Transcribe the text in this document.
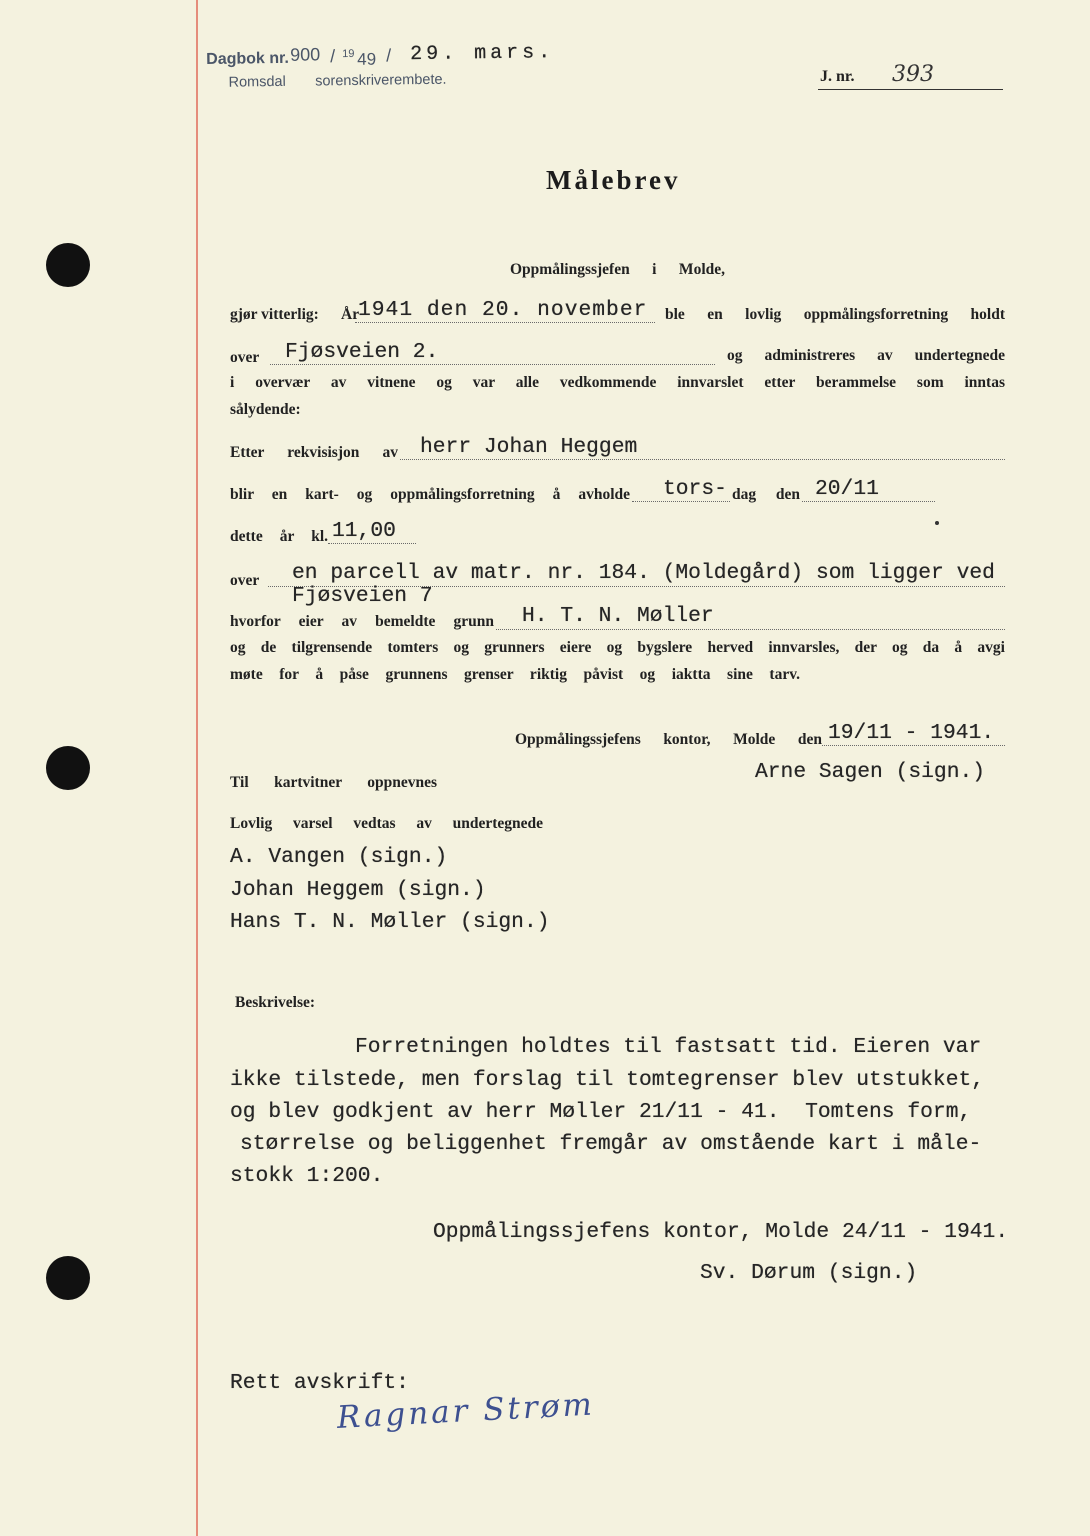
Dagbok nr. 900 / 19 49 / 29. mars.
Romsdal sorenskriverembete.	J. nr. 393
Målebrev
Oppmålingssjefen i Molde,
gjør vitterlig: År
1941 den 20. november ble en lovlig oppmålingsforretning holdt
over Fjøsveien 2.	og administreres av undertegnede
i overvær av vitnene og var alle vedkommende innvarslet etter berammelse som inntas
sålydende:
Etter rekvisisjon av herr Johan Heggem
blir en kart- og oppmålingsforretning å avholde tors- dag den 20/11
dette år kl. 11,00
over en parcell av matr. nr. 184. (Moldegård) som ligger ved
Fjøsveien 7
hvorfor eier av bemeldte grunn H. T. N. Møller
og de tilgrensende tomters og grunners eiere og bygslere herved innvarsles, der og da å avgi
møte for å påse grunnens grenser riktig påvist og iaktta sine tarv.
Oppmålingssjefens kontor, Molde den 19/11 - 1941.
Til kartvitner oppnevnes	Arne Sagen (sign.)
Lovlig varsel vedtas av undertegnede
A. Vangen (sign.)
Johan Heggem (sign.)
Hans T. N. Møller (sign.)
Beskrivelse:
Forretningen holdtes til fastsatt tid. Eieren var
ikke tilstede, men forslag til tomtegrenser blev utstukket,
og blev godkjent av herr Møller 21/11 - 41.  Tomtens form,
størrelse og beliggenhet fremgår av omstående kart i måle-
stokk 1:200.
Oppmålingssjefens kontor, Molde 24/11 - 1941.
Sv. Dørum (sign.)
Rett avskrift:
Ragnar Strøm
